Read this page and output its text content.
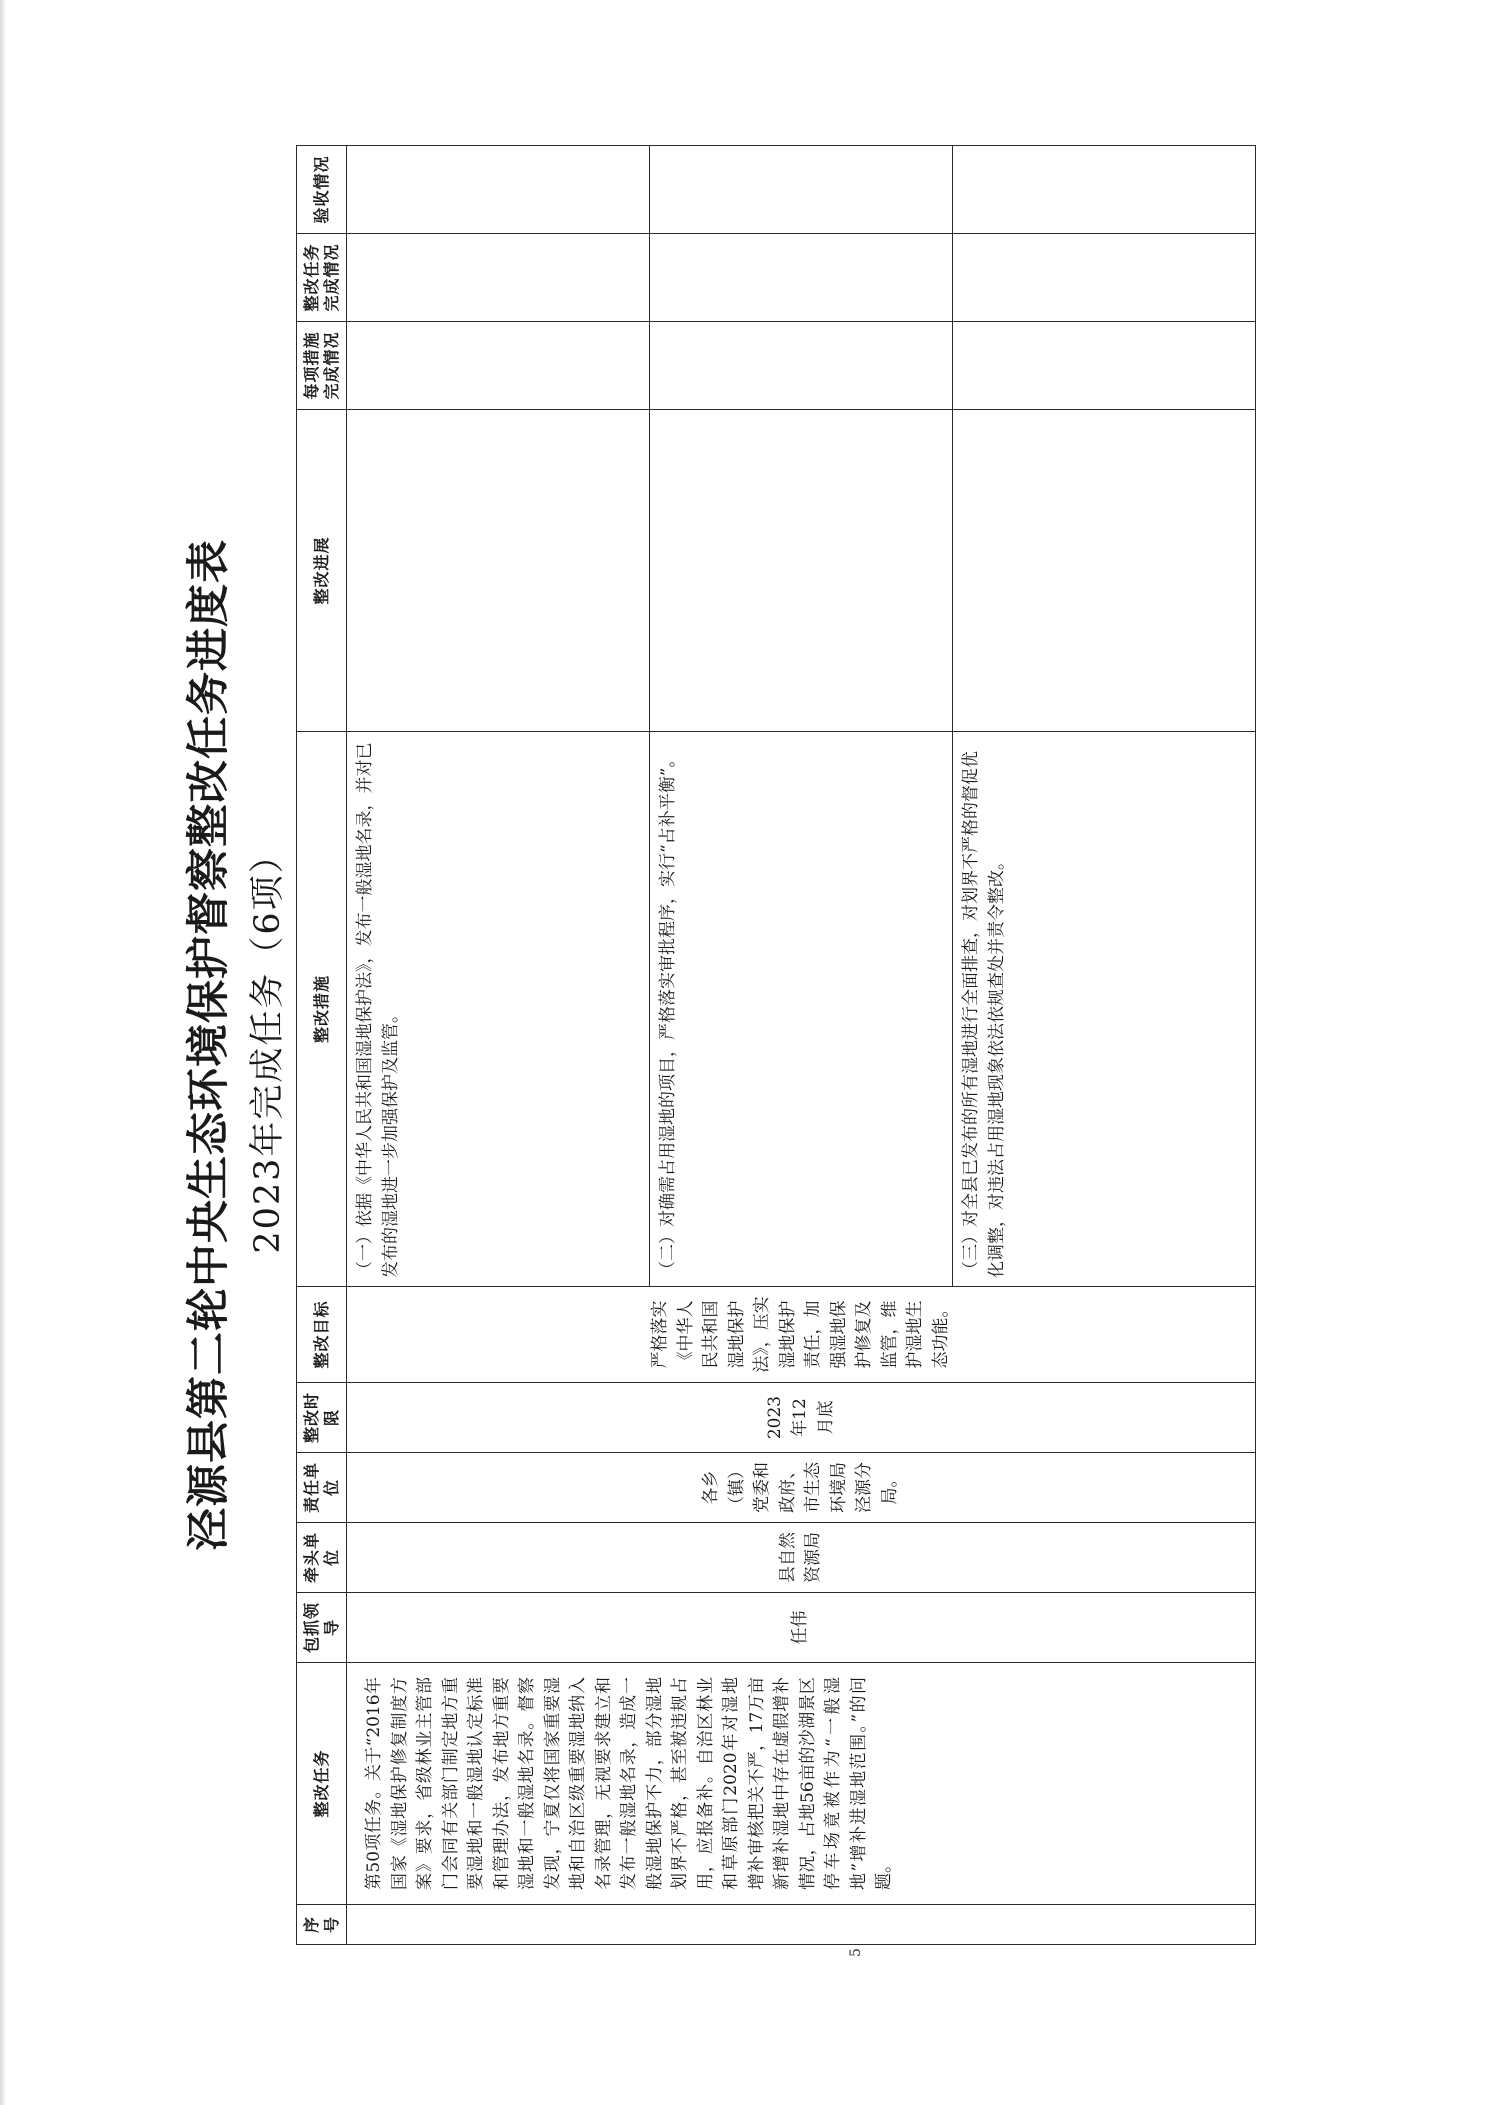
泾源县第二轮中央生态环境保护督察整改任务进度表 2023年完成任务（6项）
序号	整改任务	包抓领导	牵头单位	责任单位	整改时限	整改目标	整改措施	整改进展	每项措施完成情况	整改任务完成情况	验收情况
	第50项任务。关于“2016年国家《湿地保护修复制度方案》要求，省级林业主管部门会同有关部门制定地方重要湿地和一般湿地认定标准和管理办法，发布地方重要湿地和一般湿地名录。督察发现，宁夏仅将国家重要湿地和自治区级重要湿地纳入名录管理，无视要求建立和发布一般湿地名录，造成一般湿地保护不力，部分湿地划界不严格，甚至被违规占用，应报备补。自治区林业和草原部门2020年对湿地增补审核把关不严，17万亩新增补湿地中存在虚假增补情况，占地56亩的沙湖景区停车场竟被作为“一般湿地”增补进湿地范围。”的问题。	任伟	县自然资源局	各乡（镇）党委和政府、市生态环境局泾源分局。	2023年12月底	严格落实《中华人民共和国湿地保护法》，压实湿地保护责任，加强湿地保护修复及监管，维护湿地生态功能。	（一）依据《中华人民共和国湿地保护法》，发布一般湿地名录，并对已发布的湿地进一步加强保护及监管。				
							（二）对确需占用湿地的项目，严格落实审批程序，实行“占补平衡”。				
							（三）对全县已发布的所有湿地进行全面排查，对划界不严格的督促优化调整，对违法占用湿地现象依法依规查处并责令整改。				
5
